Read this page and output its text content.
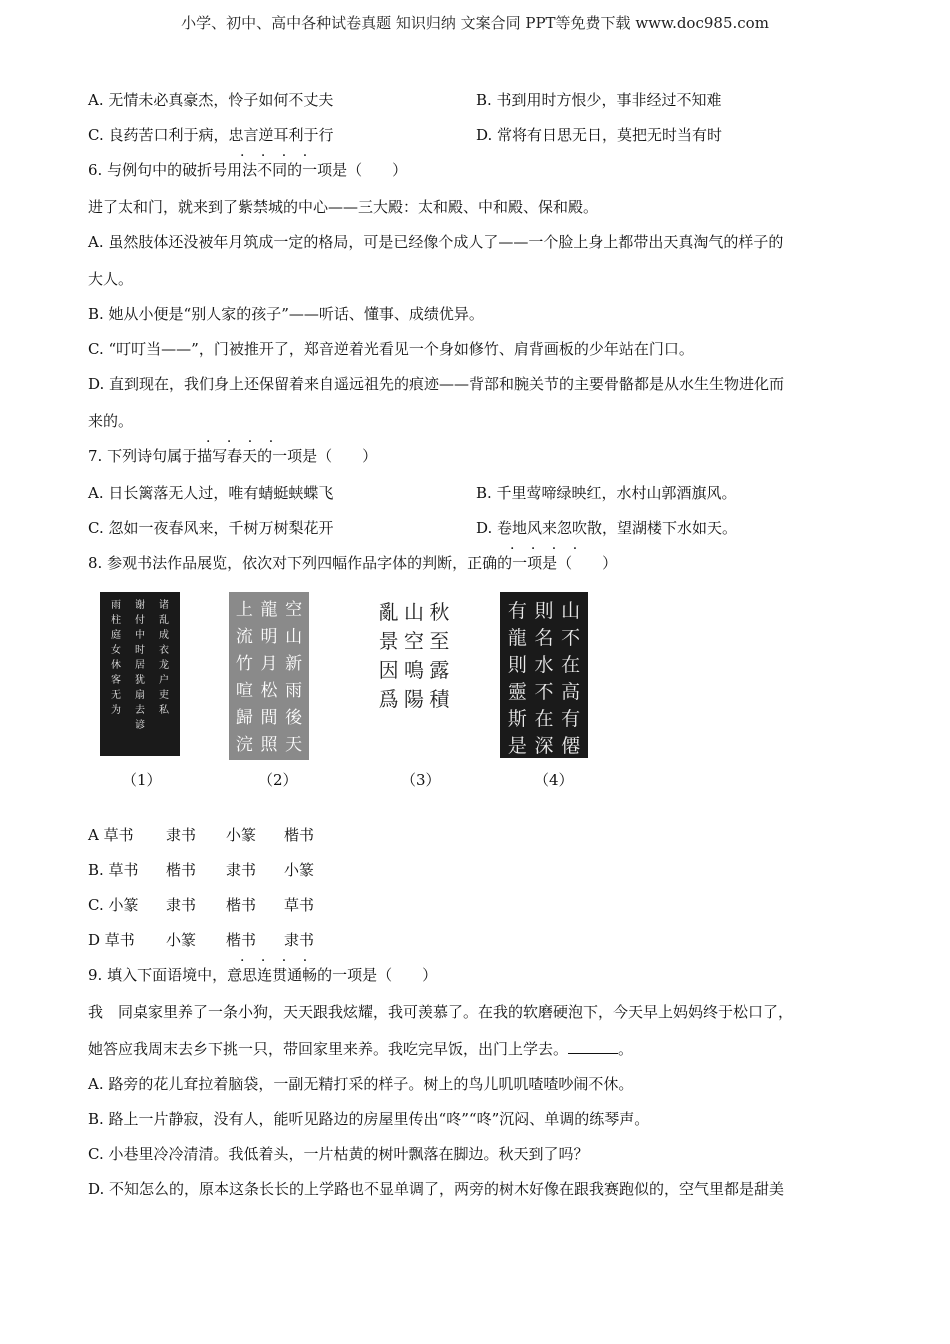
小学、初中、高中各种试卷真题 知识归纳 文案合同 PPT等免费下载 www.doc985.com
A. 无情未必真豪杰，怜子如何不丈夫	B. 书到用时方恨少，事非经过不知难
C. 良药苦口利于病，忠言逆耳利于行	D. 常将有日思无日，莫把无时当有时
· · · ·
6. 与例句中的破折号用法不同的一项是（　　）
进了太和门，就来到了紫禁城的中心——三大殿：太和殿、中和殿、保和殿。
A. 虽然肢体还没被年月筑成一定的格局，可是已经像个成人了——一个脸上身上都带出天真淘气的样子的
大人。
B. 她从小便是“别人家的孩子”——听话、懂事、成绩优异。
C. “叮叮当——”，门被推开了，郑音逆着光看见一个身如修竹、肩背画板的少年站在门口。
D. 直到现在，我们身上还保留着来自遥远祖先的痕迹——背部和腕关节的主要骨骼都是从水生生物进化而
来的。
· · · ·
7. 下列诗句属于描写春天的一项是（　　）
A. 日长篱落无人过，唯有蜻蜓蛱蝶飞	B. 千里莺啼绿映红，水村山郭酒旗风。
C. 忽如一夜春风来，千树万树梨花开	D. 卷地风来忽吹散，望湖楼下水如天。
· · · ·
8. 参观书法作品展览，依次对下列四幅作品字体的判断，正确的一项是（　　）
雨
柱
庭
女
休
客
无
为
谢
付
中
时
居
犹
扇
去
谚
诸
乱
成
衣
龙
户
吏
私
上 龍 空
流 明 山
竹 月 新
喧 松 雨
歸 間 後
浣 照 天
亂
景
因
爲
山
空
鳴
陽
秋
至
露
積
有
龍
則
靈
斯
是
則
名
水
不
在
深
山
不
在
高
有
僊
（1）	（2）	（3）	（4）
A 草书 隶书 小篆 楷书
B. 草书 楷书 隶书 小篆
C. 小篆 隶书 楷书 草书
D 草书 小篆 楷书 隶书
· · · ·
9. 填入下面语境中，意思连贯通畅的一项是（　　）
我　同桌家里养了一条小狗，天天跟我炫耀，我可羡慕了。在我的软磨硬泡下，今天早上妈妈终于松口了，
她答应我周末去乡下挑一只，带回家里来养。我吃完早饭，出门上学去。	。
A. 路旁的花儿耷拉着脑袋，一副无精打采的样子。树上的鸟儿叽叽喳喳吵闹不休。
B. 路上一片静寂，没有人，能听见路边的房屋里传出“咚”“咚”沉闷、单调的练琴声。
C. 小巷里冷冷清清。我低着头，一片枯黄的树叶飘落在脚边。秋天到了吗？
D. 不知怎么的，原本这条长长的上学路也不显单调了，两旁的树木好像在跟我赛跑似的，空气里都是甜美
